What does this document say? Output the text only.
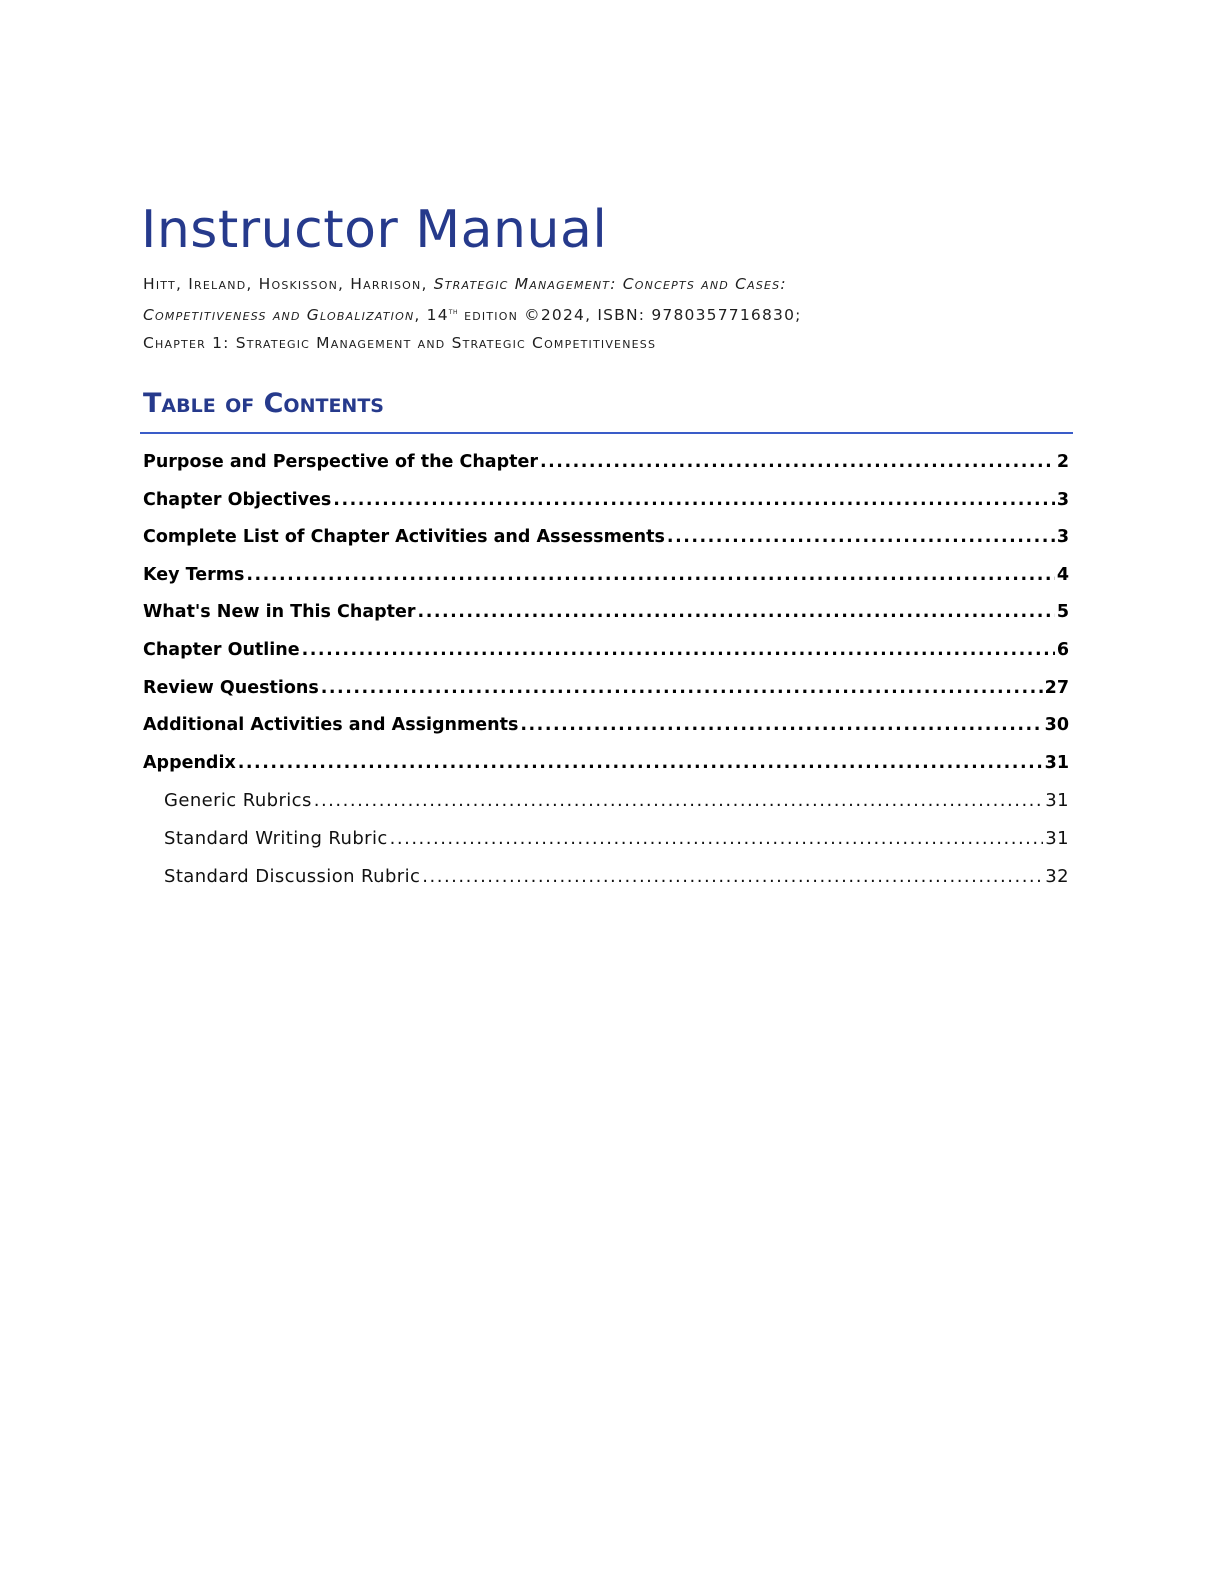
Instructor Manual
Hitt, Ireland, Hoskisson, Harrison, Strategic Management: Concepts and Cases:
Competitiveness and Globalization, 14th edition ©2024, ISBN: 9780357716830;
Chapter 1: Strategic Management and Strategic Competitiveness
Table of Contents
Purpose and Perspective of the Chapter .....	2
Chapter Objectives .....	3
Complete List of Chapter Activities and Assessments .....	3
Key Terms .....	4
What's New in This Chapter .....	5
Chapter Outline .....	6
Review Questions .....	27
Additional Activities and Assignments .....	30
Appendix .....	31
Generic Rubrics .....	31
Standard Writing Rubric .....	31
Standard Discussion Rubric .....	32
